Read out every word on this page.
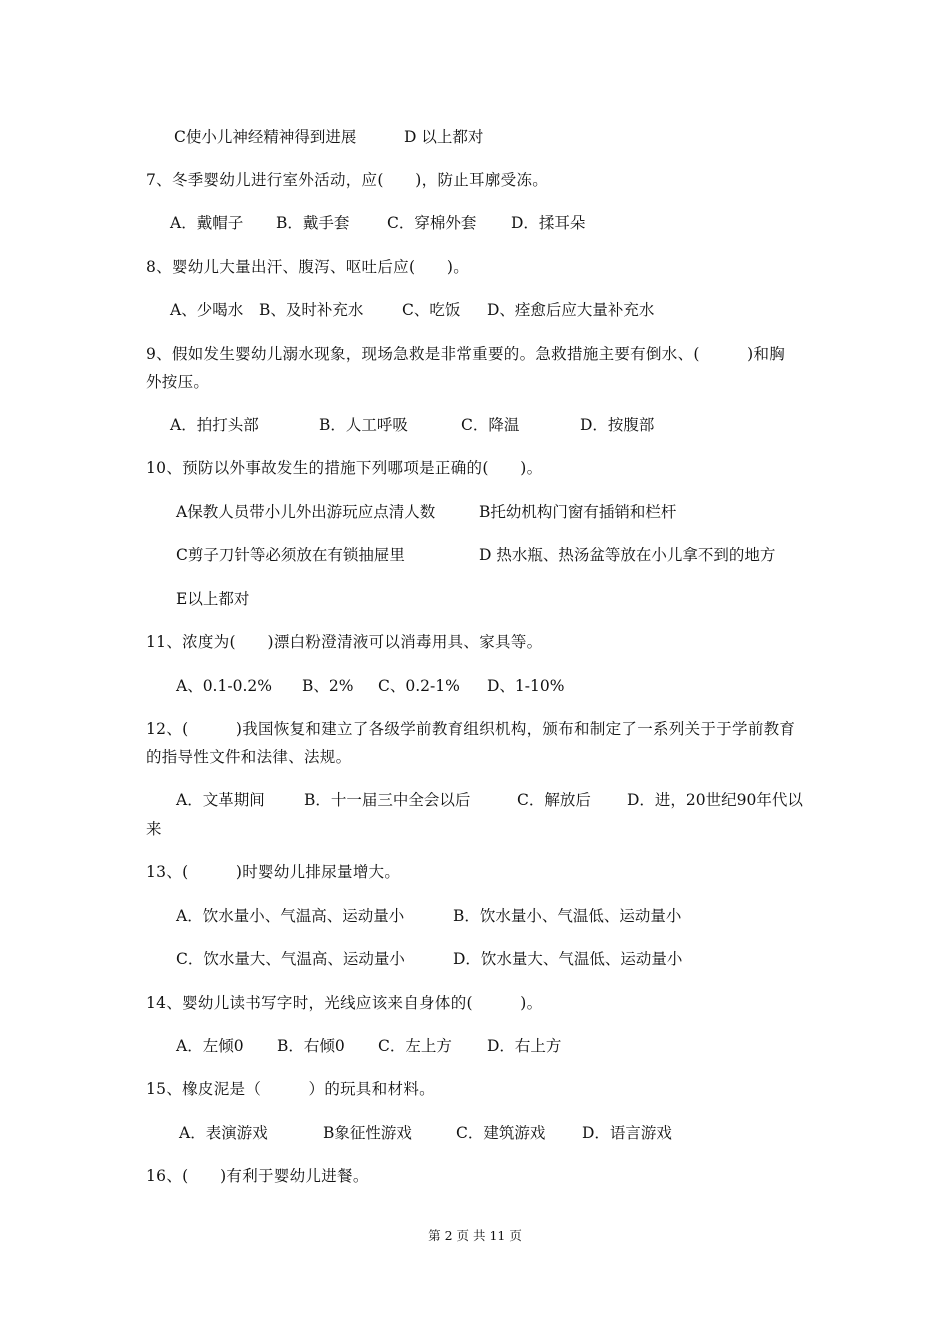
C使小儿神经精神得到进展	D 以上都对
7、冬季婴幼儿进行室外活动，应(　　)，防止耳廓受冻。
A．戴帽子 B．戴手套 C．穿棉外套 D．揉耳朵
8、婴幼儿大量出汗、腹泻、呕吐后应(　　)。
A、少喝水 B、及时补充水 C、吃饭 D、痊愈后应大量补充水
9、假如发生婴幼儿溺水现象，现场急救是非常重要的。急救措施主要有倒水、(　　　)和胸
外按压。
A．拍打头部	B．人工呼吸	C．降温	D．按腹部
10、预防以外事故发生的措施下列哪项是正确的(　　)。
A保教人员带小儿外出游玩应点清人数	B托幼机构门窗有插销和栏杆
C剪子刀针等必须放在有锁抽屉里	D 热水瓶、热汤盆等放在小儿拿不到的地方
E以上都对
11、浓度为(　　)漂白粉澄清液可以消毒用具、家具等。
A、0.1-0.2% B、2% C、0.2-1% D、1-10%
12、(　　　)我国恢复和建立了各级学前教育组织机构，颁布和制定了一系列关于于学前教育
的指导性文件和法律、法规。
A．文革期间	B．十一届三中全会以后	C．解放后 D．进，20世纪90年代以
来
13、(　　　)时婴幼儿排尿量增大。
A．饮水量小、气温高、运动量小	B．饮水量小、气温低、运动量小
C．饮水量大、气温高、运动量小	D．饮水量大、气温低、运动量小
14、婴幼儿读书写字时，光线应该来自身体的(　　　)。
A．左倾0 B．右倾0 C．左上方 D．右上方
15、橡皮泥是（　　　）的玩具和材料。
A．表演游戏	B象征性游戏	C．建筑游戏 D．语言游戏
16、(　　)有利于婴幼儿进餐。
第 2 页 共 11 页
